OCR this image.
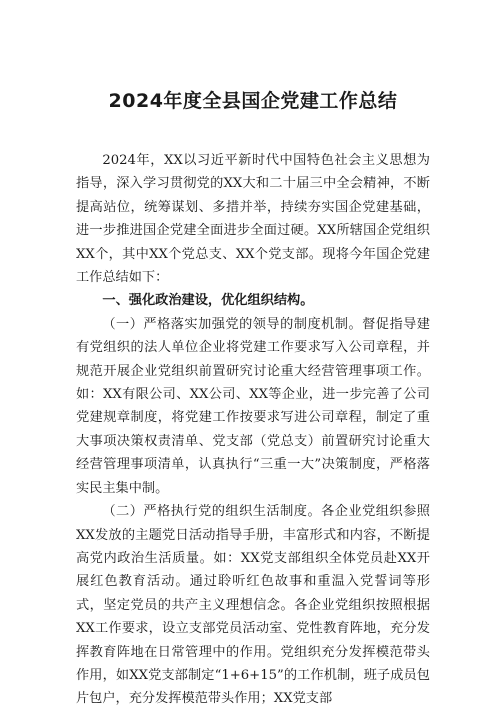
2024年度全县国企党建工作总结

2024年，XX以习近平新时代中国特色社会主义思想为指导，深入学习贯彻党的XX大和二十届三中全会精神，不断提高站位，统筹谋划、多措并举，持续夯实国企党建基础，进一步推进国企党建全面进步全面过硬。XX所辖国企党组织XX个，其中XX个党总支、XX个党支部。现将今年国企党建工作总结如下：

一、强化政治建设，优化组织结构。

（一）严格落实加强党的领导的制度机制。督促指导建有党组织的法人单位企业将党建工作要求写入公司章程，并规范开展企业党组织前置研究讨论重大经营管理事项工作。如：XX有限公司、XX公司、XX等企业，进一步完善了公司党建规章制度，将党建工作按要求写进公司章程，制定了重大事项决策权责清单、党支部（党总支）前置研究讨论重大经营管理事项清单，认真执行“三重一大”决策制度，严格落实民主集中制。

（二）严格执行党的组织生活制度。各企业党组织参照XX发放的主题党日活动指导手册，丰富形式和内容，不断提高党内政治生活质量。如：XX党支部组织全体党员赴XX开展红色教育活动。通过聆听红色故事和重温入党誓词等形式，坚定党员的共产主义理想信念。各企业党组织按照根据XX工作要求，设立支部党员活动室、党性教育阵地，充分发挥教育阵地在日常管理中的作用。党组织充分发挥模范带头作用，如XX党支部制定“1+6+15”的工作机制，班子成员包片包户，充分发挥模范带头作用；XX党支部
